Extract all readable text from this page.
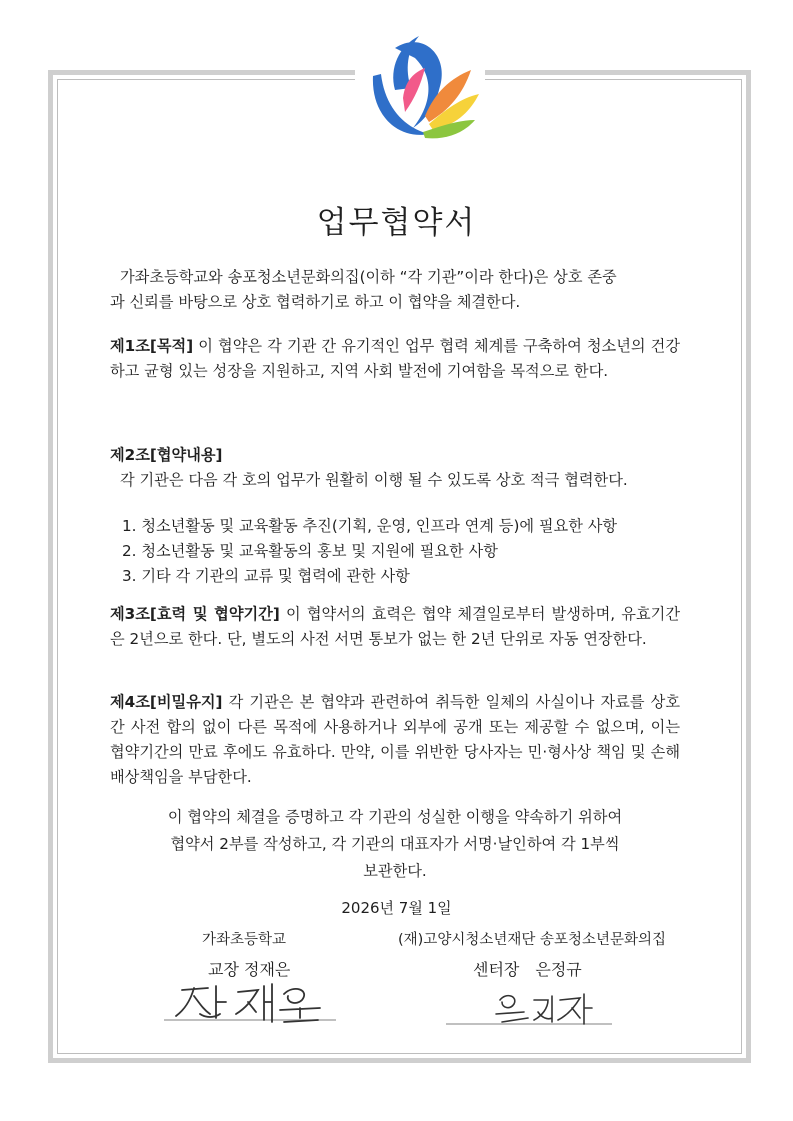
업무협약서
가좌초등학교와 송포청소년문화의집(이하 “각 기관”이라 한다)은 상호 존중
과 신뢰를 바탕으로 상호 협력하기로 하고 이 협약을 체결한다.
제1조[목적] 이 협약은 각 기관 간 유기적인 업무 협력 체계를 구축하여 청소년의 건강하고 균형 있는 성장을 지원하고, 지역 사회 발전에 기여함을 목적으로 한다.
제2조[협약내용]
각 기관은 다음 각 호의 업무가 원활히 이행 될 수 있도록 상호 적극 협력한다.
1. 청소년활동 및 교육활동 추진(기획, 운영, 인프라 연계 등)에 필요한 사항
2. 청소년활동 및 교육활동의 홍보 및 지원에 필요한 사항
3. 기타 각 기관의 교류 및 협력에 관한 사항
제3조[효력 및 협약기간] 이 협약서의 효력은 협약 체결일로부터 발생하며, 유효기간은 2년으로 한다. 단, 별도의 사전 서면 통보가 없는 한 2년 단위로 자동 연장한다.
제4조[비밀유지] 각 기관은 본 협약과 관련하여 취득한 일체의 사실이나 자료를 상호간 사전 합의 없이 다른 목적에 사용하거나 외부에 공개 또는 제공할 수 없으며, 이는 협약기간의 만료 후에도 유효하다. 만약, 이를 위반한 당사자는 민·형사상 책임 및 손해배상책임을 부담한다.
이 협약의 체결을 증명하고 각 기관의 성실한 이행을 약속하기 위하여
협약서 2부를 작성하고, 각 기관의 대표자가 서명·날인하여 각 1부씩
보관한다.
2026년 7월 1일
가좌초등학교	(재)고양시청소년재단 송포청소년문화의집
교장 정재은	센터장　은정규
